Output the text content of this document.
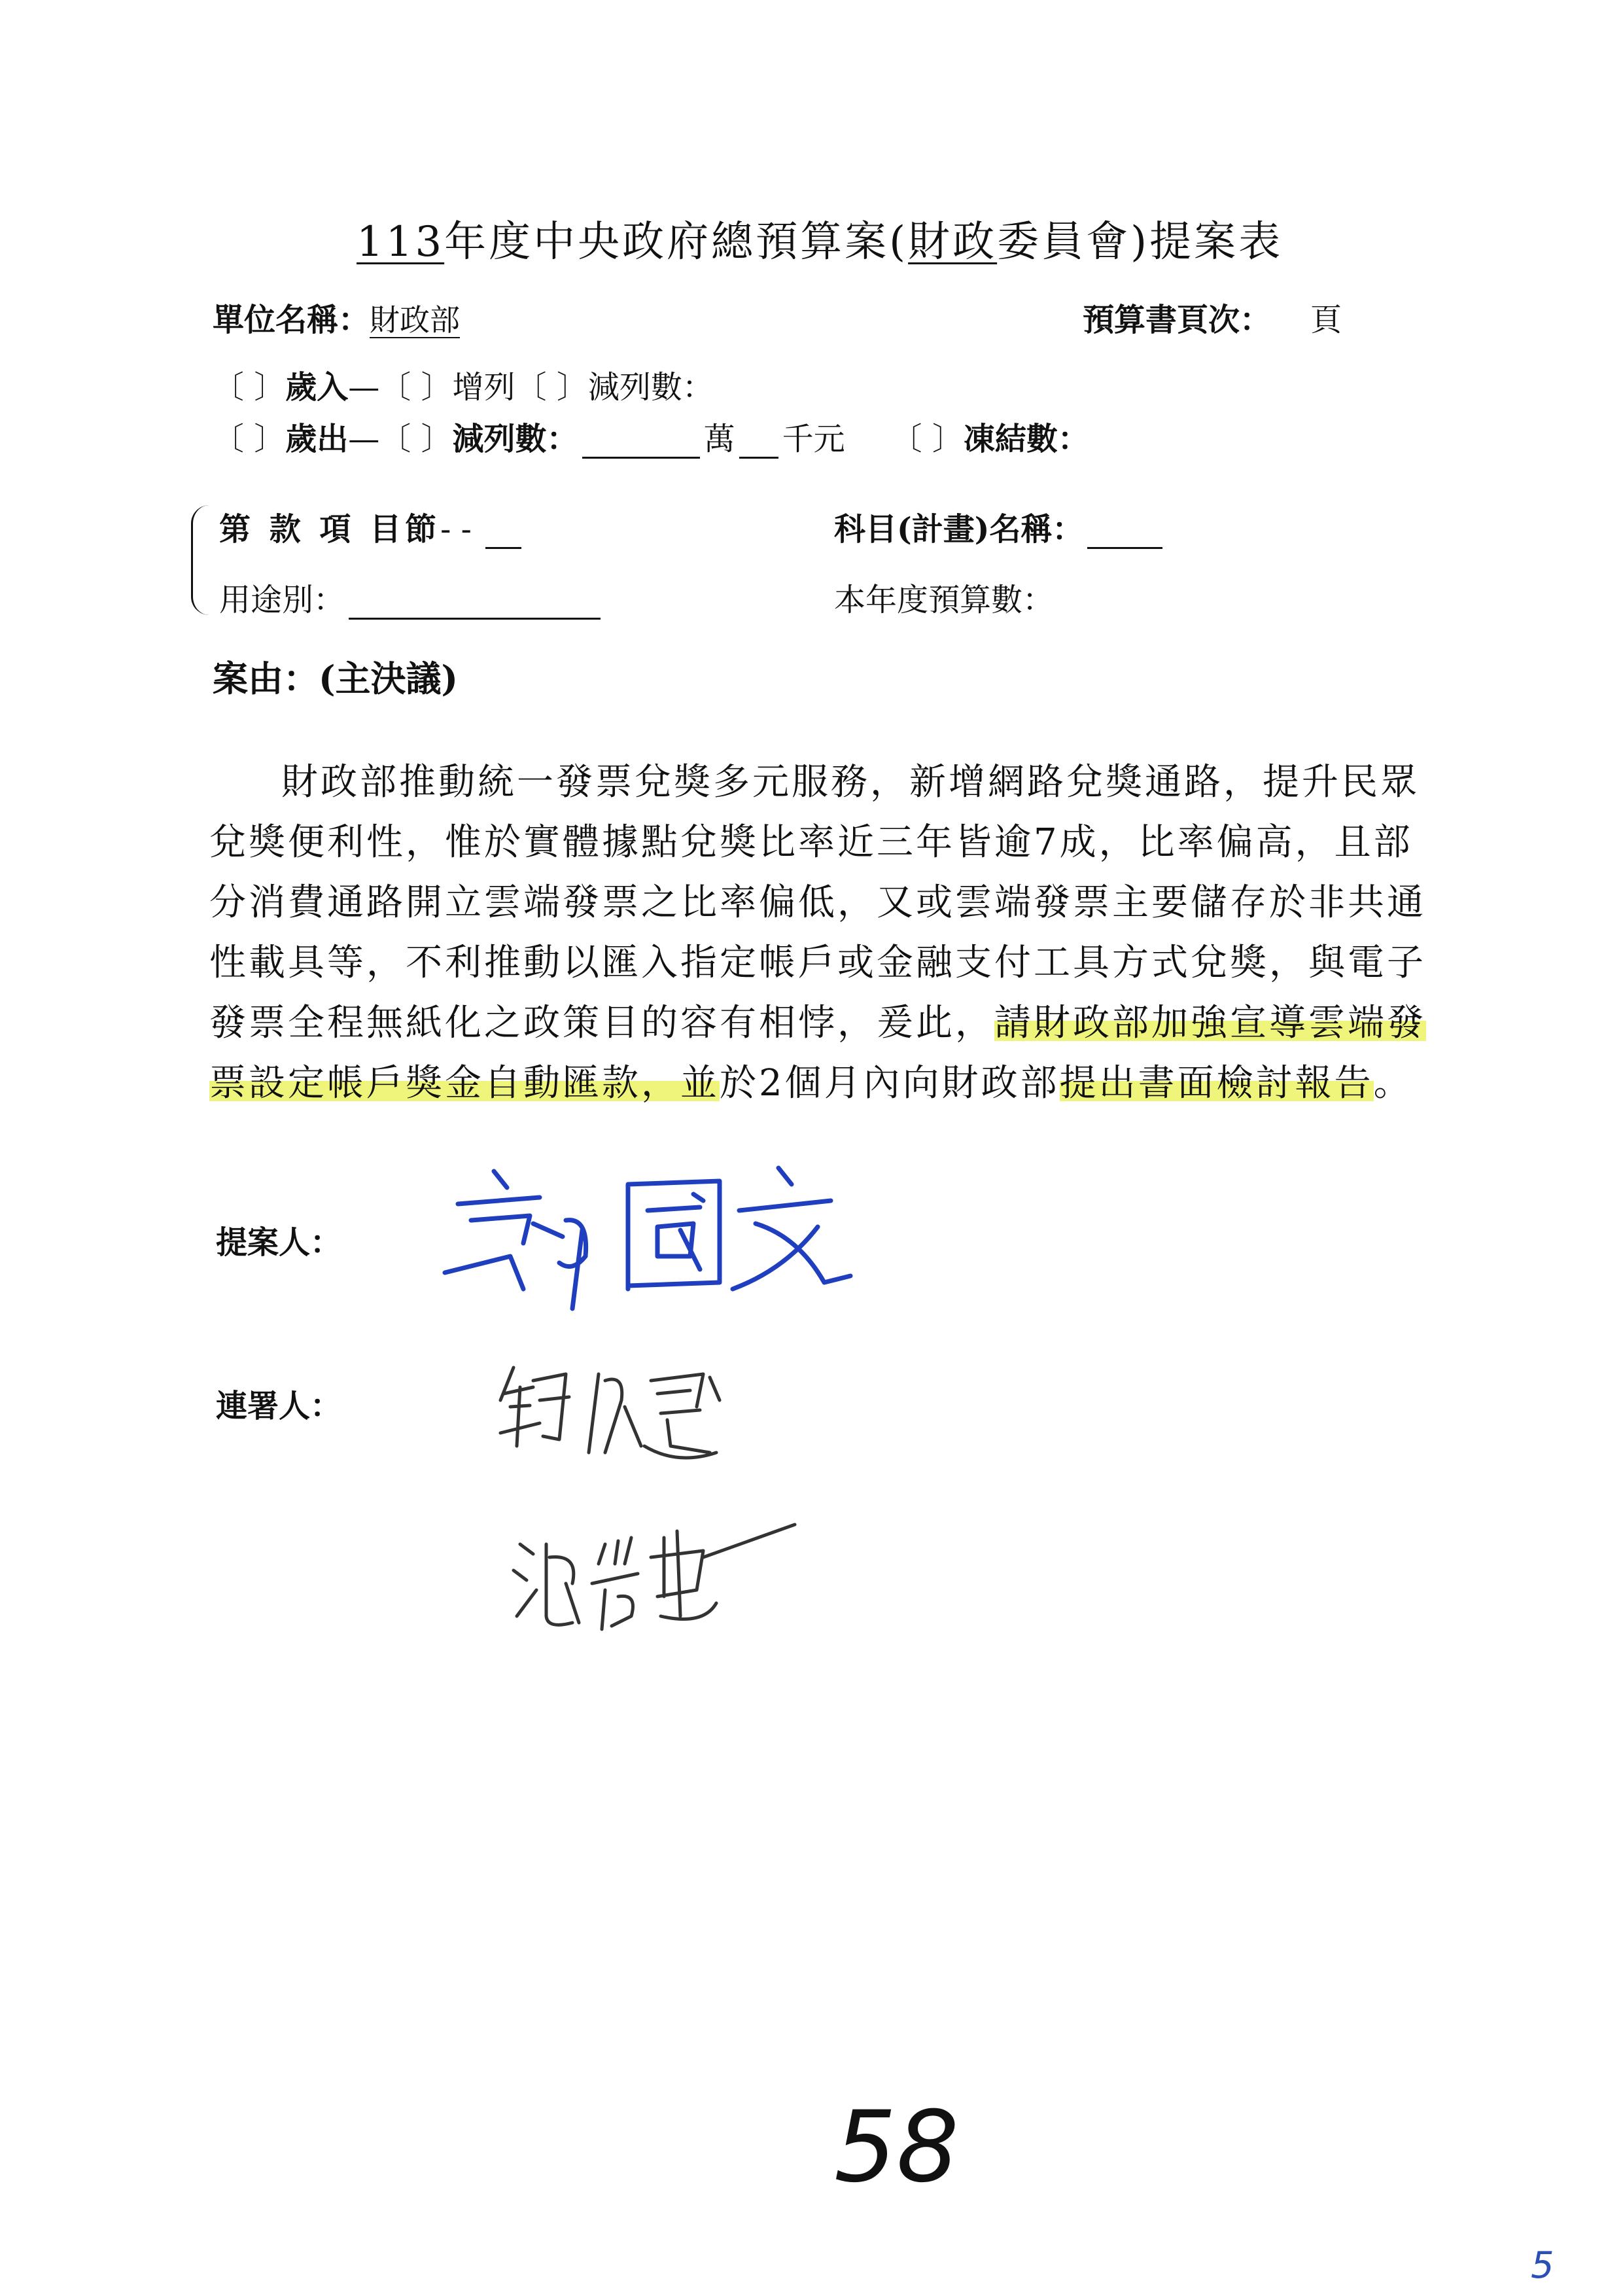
113年度中央政府總預算案(財政委員會)提案表
單位名稱：財政部	預算書頁次： 頁
〔 〕歲入—〔 〕增列〔 〕減列數：
〔 〕歲出—〔 〕減列數：	萬 千元 〔 〕凍結數：
第 款 項 目節- -	科目(計畫)名稱：
用途別：	本年度預算數：
案由：(主決議)

財政部推動統一發票兌獎多元服務，新增網路兌獎通路，提升民眾兌獎便利性，惟於實體據點兌獎比率近三年皆逾7成，比率偏高，且部分消費通路開立雲端發票之比率偏低，又或雲端發票主要儲存於非共通性載具等，不利推動以匯入指定帳戶或金融支付工具方式兌獎，與電子發票全程無紙化之政策目的容有相悖，爰此，請財政部加強宣導雲端發票設定帳戶獎金自動匯款，並於2個月內向財政部提出書面檢討報告。

提案人：
連署人：
58
5
